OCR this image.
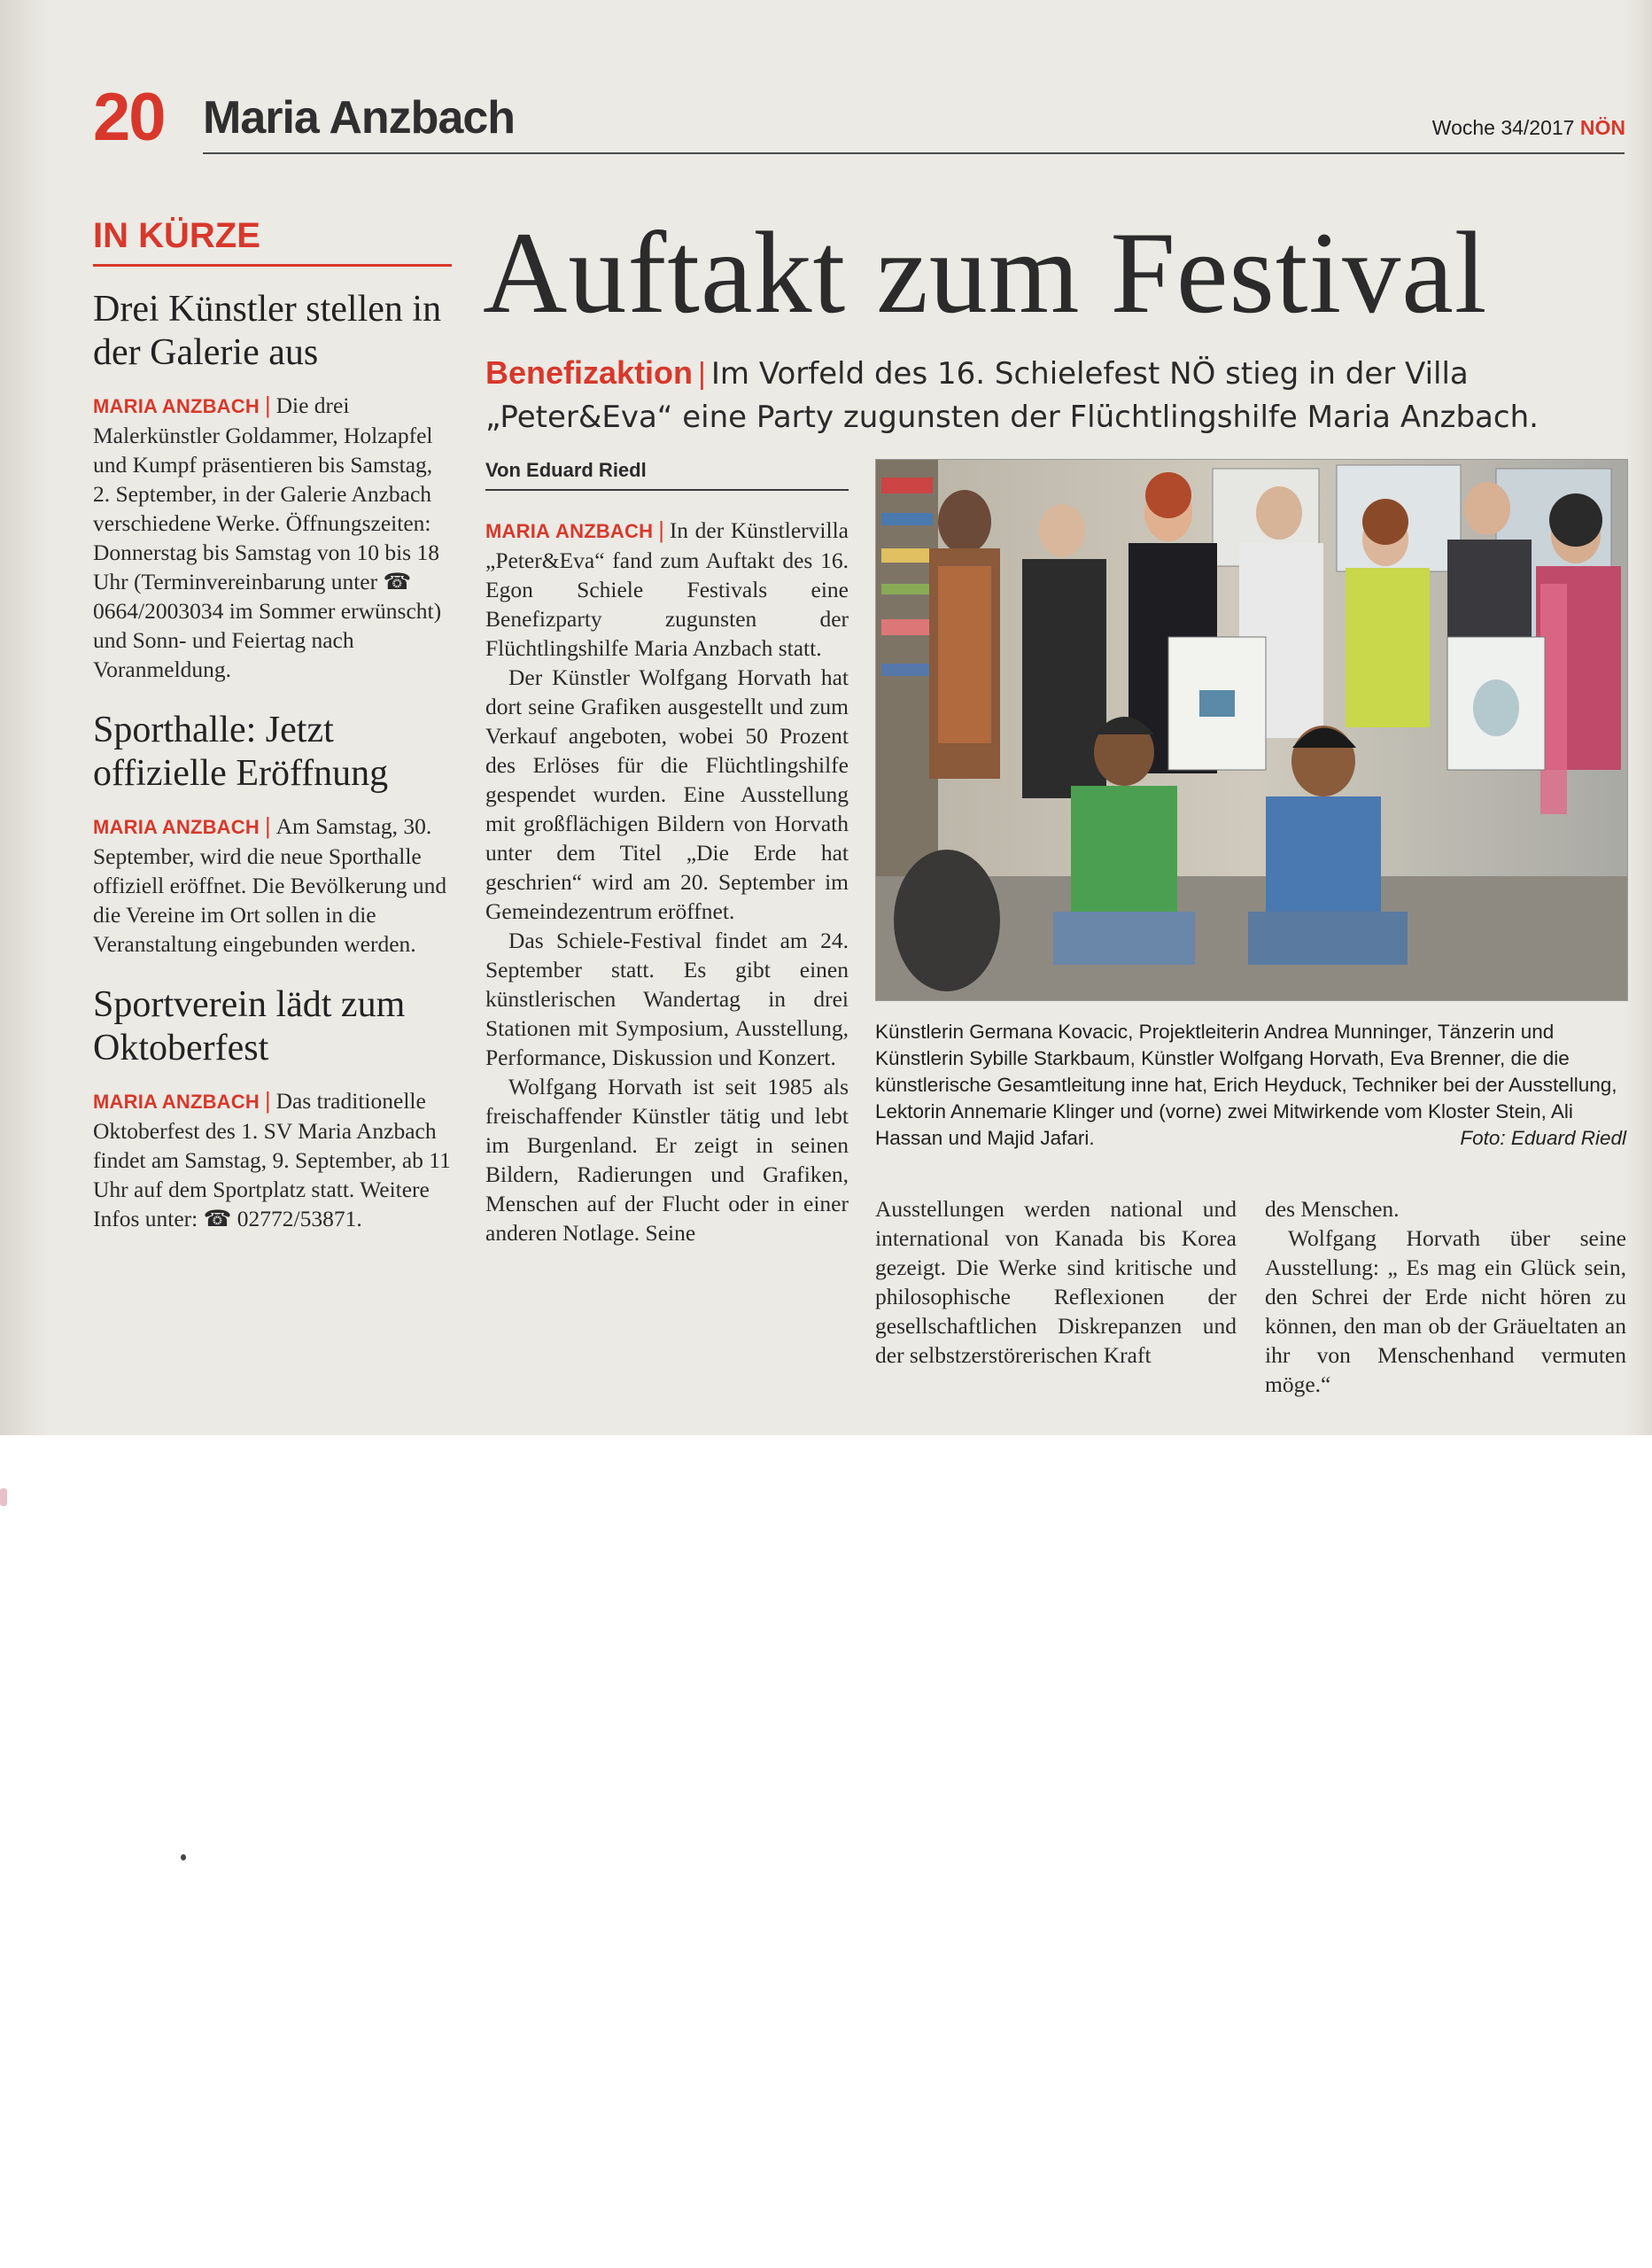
20 Maria Anzbach	Woche 34/2017 NÖN
IN KÜRZE
Drei Künstler stellen in der Galerie aus

MARIA ANZBACH | Die drei Malerkünstler Goldammer, Holzapfel und Kumpf präsentieren bis Samstag, 2. September, in der Galerie Anzbach verschiedene Werke. Öffnungszeiten: Donnerstag bis Samstag von 10 bis 18 Uhr (Terminvereinbarung unter ☎ 0664/2003034 im Sommer erwünscht) und Sonn- und Feiertag nach Voranmeldung.

Sporthalle: Jetzt offizielle Eröffnung

MARIA ANZBACH | Am Samstag, 30. September, wird die neue Sporthalle offiziell eröffnet. Die Bevölkerung und die Vereine im Ort sollen in die Veranstaltung eingebunden werden.

Sportverein lädt zum Oktoberfest

MARIA ANZBACH | Das traditionelle Oktoberfest des 1. SV Maria Anzbach findet am Samstag, 9. September, ab 11 Uhr auf dem Sportplatz statt. Weitere Infos unter: ☎ 02772/53871.

Auftakt zum Festival

Benefizaktion | Im Vorfeld des 16. Schielefest NÖ stieg in der Villa „Peter&Eva“ eine Party zugunsten der Flüchtlingshilfe Maria Anzbach.

Von Eduard Riedl

MARIA ANZBACH | In der Künstlervilla „Peter&Eva“ fand zum Auftakt des 16. Egon Schiele Festivals eine Benefizparty zugunsten der Flüchtlingshilfe Maria Anzbach statt.

Der Künstler Wolfgang Horvath hat dort seine Grafiken ausgestellt und zum Verkauf angeboten, wobei 50 Prozent des Erlöses für die Flüchtlingshilfe gespendet wurden. Eine Ausstellung mit großflächigen Bildern von Horvath unter dem Titel „Die Erde hat geschrien“ wird am 20. September im Gemeindezentrum eröffnet.

Das Schiele-Festival findet am 24. September statt. Es gibt einen künstlerischen Wandertag in drei Stationen mit Symposium, Ausstellung, Performance, Diskussion und Konzert.

Wolfgang Horvath ist seit 1985 als freischaffender Künstler tätig und lebt im Burgenland. Er zeigt in seinen Bildern, Radierungen und Grafiken, Menschen auf der Flucht oder in einer anderen Notlage. Seine

Künstlerin Germana Kovacic, Projektleiterin Andrea Munninger, Tänzerin und Künstlerin Sybille Starkbaum, Künstler Wolfgang Horvath, Eva Brenner, die die künstlerische Gesamtleitung inne hat, Erich Heyduck, Techniker bei der Ausstellung, Lektorin Annemarie Klinger und (vorne) zwei Mitwirkende vom Kloster Stein, Ali Hassan und Majid Jafari.	Foto: Eduard Riedl

Ausstellungen werden national und international von Kanada bis Korea gezeigt. Die Werke sind kritische und philosophische Reflexionen der gesellschaftlichen Diskrepanzen und der selbstzerstörerischen Kraft

des Menschen.

Wolfgang Horvath über seine Ausstellung: „ Es mag ein Glück sein, den Schrei der Erde nicht hören zu können, den man ob der Gräueltaten an ihr von Menschenhand vermuten möge.“
